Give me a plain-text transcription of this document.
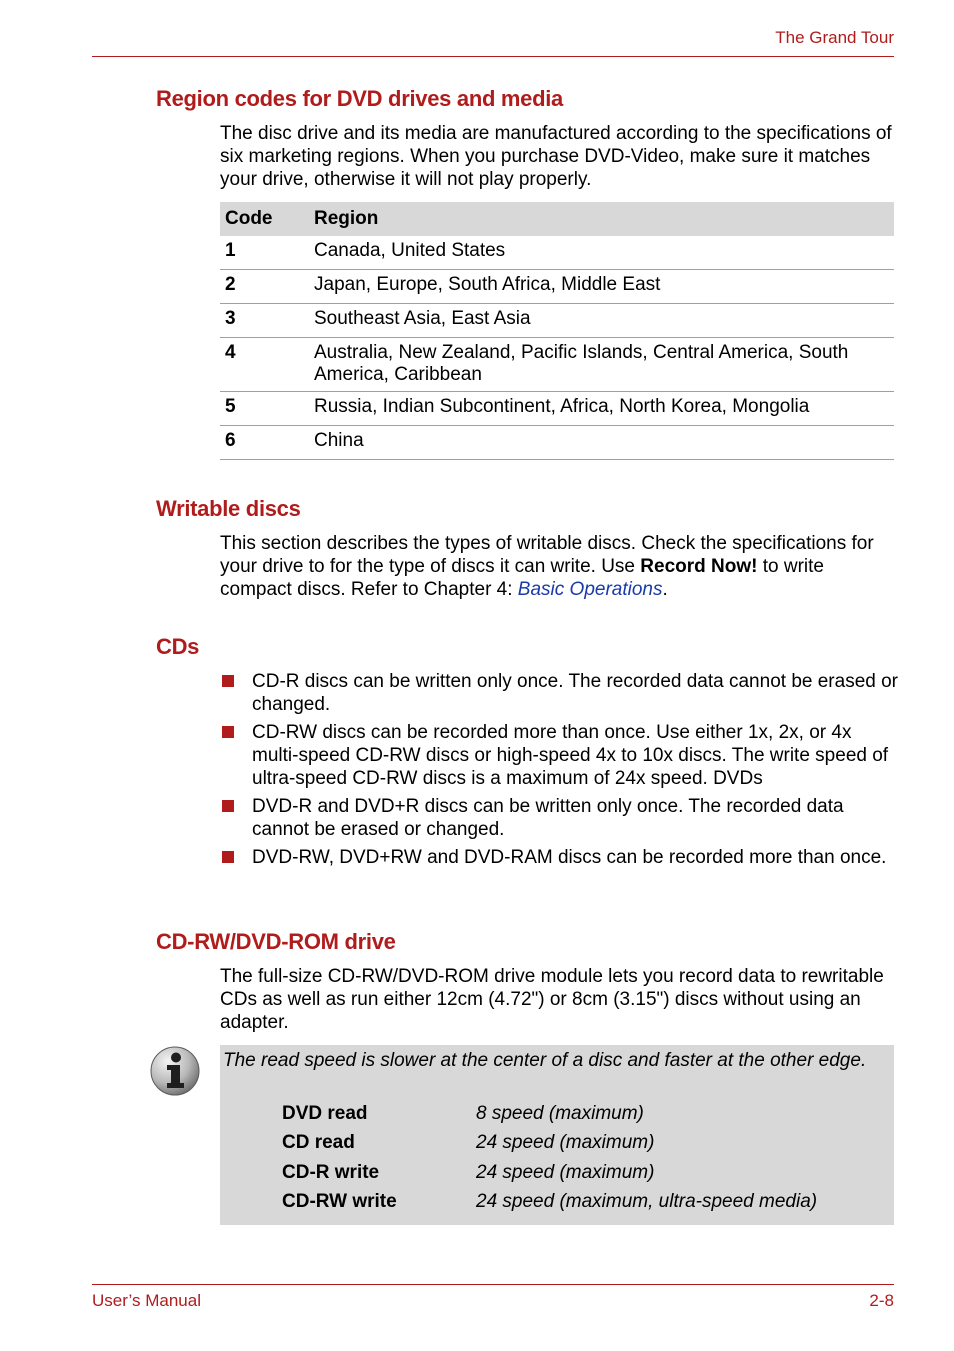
The Grand Tour
Region codes for DVD drives and media

The disc drive and its media are manufactured according to the specifications of six marketing regions. When you purchase DVD-Video, make sure it matches your drive, otherwise it will not play properly.

Code	Region
1	Canada, United States
2	Japan, Europe, South Africa, Middle East
3	Southeast Asia, East Asia
4	Australia, New Zealand, Pacific Islands, Central America, South America, Caribbean
5	Russia, Indian Subcontinent, Africa, North Korea, Mongolia
6	China
Writable discs

This section describes the types of writable discs. Check the specifications for your drive to for the type of discs it can write. Use Record Now! to write compact discs. Refer to Chapter 4: Basic Operations.

CDs
CD-R discs can be written only once. The recorded data cannot be erased or changed.
CD-RW discs can be recorded more than once. Use either 1x, 2x, or 4x multi-speed CD-RW discs or high-speed 4x to 10x discs. The write speed of ultra-speed CD-RW discs is a maximum of 24x speed. DVDs
DVD-R and DVD+R discs can be written only once. The recorded data cannot be erased or changed.
DVD-RW, DVD+RW and DVD-RAM discs can be recorded more than once.
CD-RW/DVD-ROM drive

The full-size CD-RW/DVD-ROM drive module lets you record data to rewritable CDs as well as run either 12cm (4.72") or 8cm (3.15") discs without using an adapter.

The read speed is slower at the center of a disc and faster at the other edge.

DVD read	8 speed (maximum)
CD read	24 speed (maximum)
CD-R write	24 speed (maximum)
CD-RW write	24 speed (maximum, ultra-speed media)
User’s Manual	2-8
